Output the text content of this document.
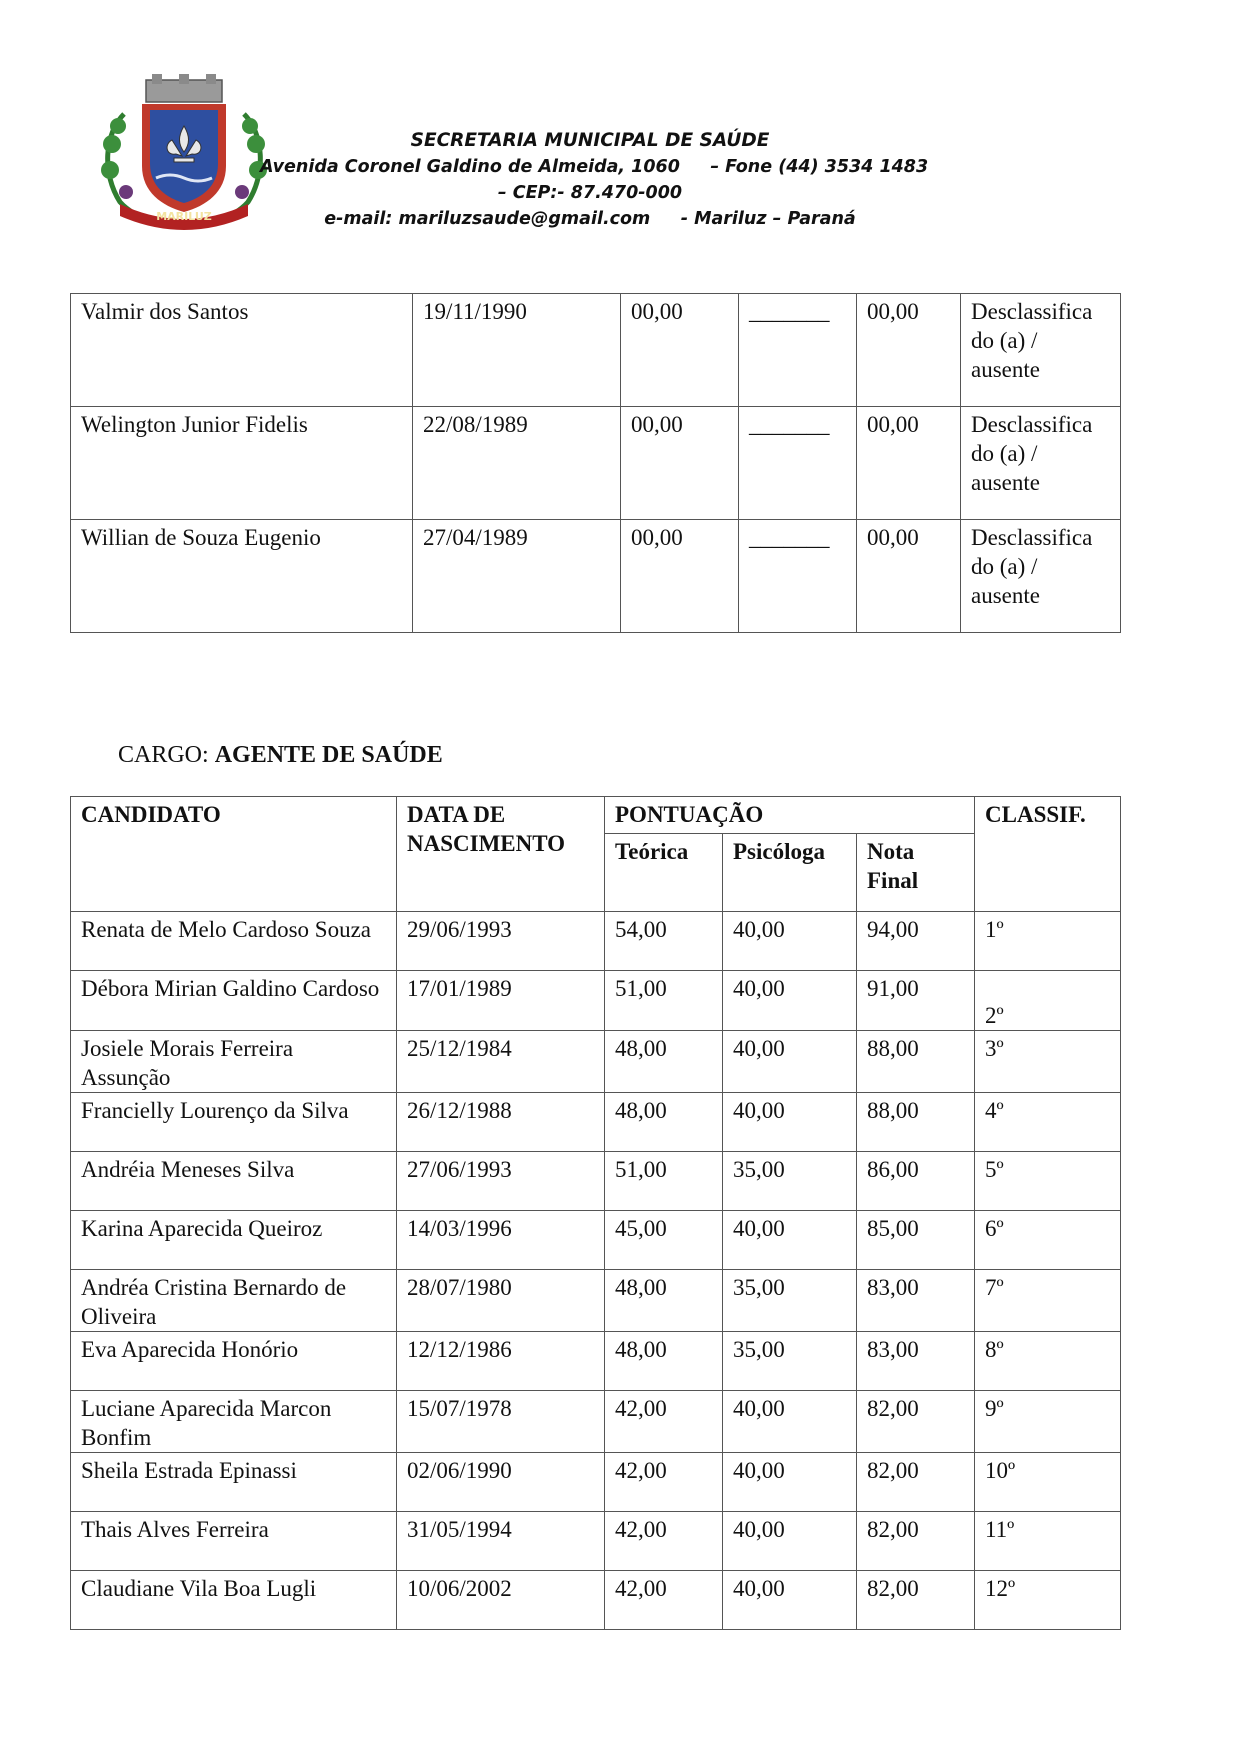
MARILUZ
SECRETARIA MUNICIPAL DE SAÚDE
Avenida Coronel Galdino de Almeida, 1060     – Fone (44) 3534 1483
– CEP:- 87.470-000
e-mail: mariluzsaude@gmail.com     - Mariluz – Paraná
Valmir dos Santos	19/11/1990	00,00	_______	00,00	Desclassifica do (a) / ausente
Welington Junior Fidelis	22/08/1989	00,00	_______	00,00	Desclassifica do (a) / ausente
Willian de Souza Eugenio	27/04/1989	00,00	_______	00,00	Desclassifica do (a) / ausente
CARGO: AGENTE DE SAÚDE
CANDIDATO	DATA DE NASCIMENTO	PONTUAÇÃO			CLASSIF.
		Teórica	Psicóloga	Nota Final	
Renata de Melo Cardoso Souza	29/06/1993	54,00	40,00	94,00	1º
Débora Mirian Galdino Cardoso	17/01/1989	51,00	40,00	91,00	2º
Josiele Morais Ferreira Assunção	25/12/1984	48,00	40,00	88,00	3º
Francielly Lourenço da Silva	26/12/1988	48,00	40,00	88,00	4º
Andréia Meneses Silva	27/06/1993	51,00	35,00	86,00	5º
Karina Aparecida Queiroz	14/03/1996	45,00	40,00	85,00	6º
Andréa Cristina Bernardo de Oliveira	28/07/1980	48,00	35,00	83,00	7º
Eva Aparecida Honório	12/12/1986	48,00	35,00	83,00	8º
Luciane Aparecida Marcon Bonfim	15/07/1978	42,00	40,00	82,00	9º
Sheila Estrada Epinassi	02/06/1990	42,00	40,00	82,00	10º
Thais Alves Ferreira	31/05/1994	42,00	40,00	82,00	11º
Claudiane Vila Boa Lugli	10/06/2002	42,00	40,00	82,00	12º
